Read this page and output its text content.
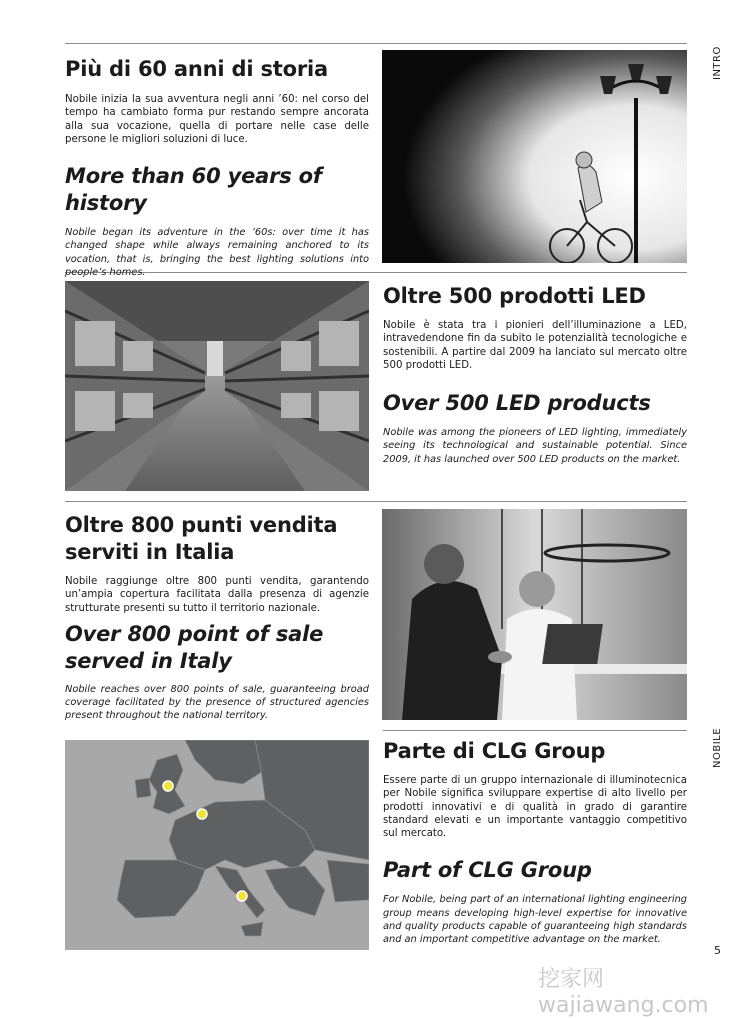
INTRO
NOBILE
Più di 60 anni di storia

Nobile inizia la sua avventura negli anni ’60: nel corso del tempo ha cambiato forma pur restando sempre ancorata alla sua vocazione, quella di portare nelle case delle persone le migliori soluzioni di luce.

More than 60 years of history

Nobile began its adventure in the ’60s: over time it has changed shape while always remaining anchored to its vocation, that is, bringing the best lighting solutions into people’s homes.

Oltre 500 prodotti LED

Nobile è stata tra i pionieri dell’illuminazione a LED, intravedendone fin da subito le potenzialità tecnologiche e sostenibili. A partire dal 2009 ha lanciato sul mercato oltre 500 prodotti LED.

Over 500 LED products

Nobile was among the pioneers of LED lighting, immediately seeing its technological and sustainable potential. Since 2009, it has launched over 500 LED products on the market.

Oltre 800 punti vendita serviti in Italia

Nobile raggiunge oltre 800 punti vendita, garantendo un’ampia copertura facilitata dalla presenza di agenzie strutturate presenti su tutto il territorio nazionale.

Over 800 point of sale served in Italy

Nobile reaches over 800 points of sale, guaranteeing broad coverage facilitated by the presence of structured agencies present throughout the national territory.

Parte di CLG Group

Essere parte di un gruppo internazionale di illuminotecnica per Nobile significa sviluppare expertise di alto livello per prodotti innovativi e di qualità in grado di garantire standard elevati e un importante vantaggio competitivo sul mercato.

Part of CLG Group

For Nobile, being part of an international lighting engineering group means developing high-level expertise for innovative and quality products capable of guaranteeing high standards and an important competitive advantage on the market.

5
挖家网 wajiawang.com
